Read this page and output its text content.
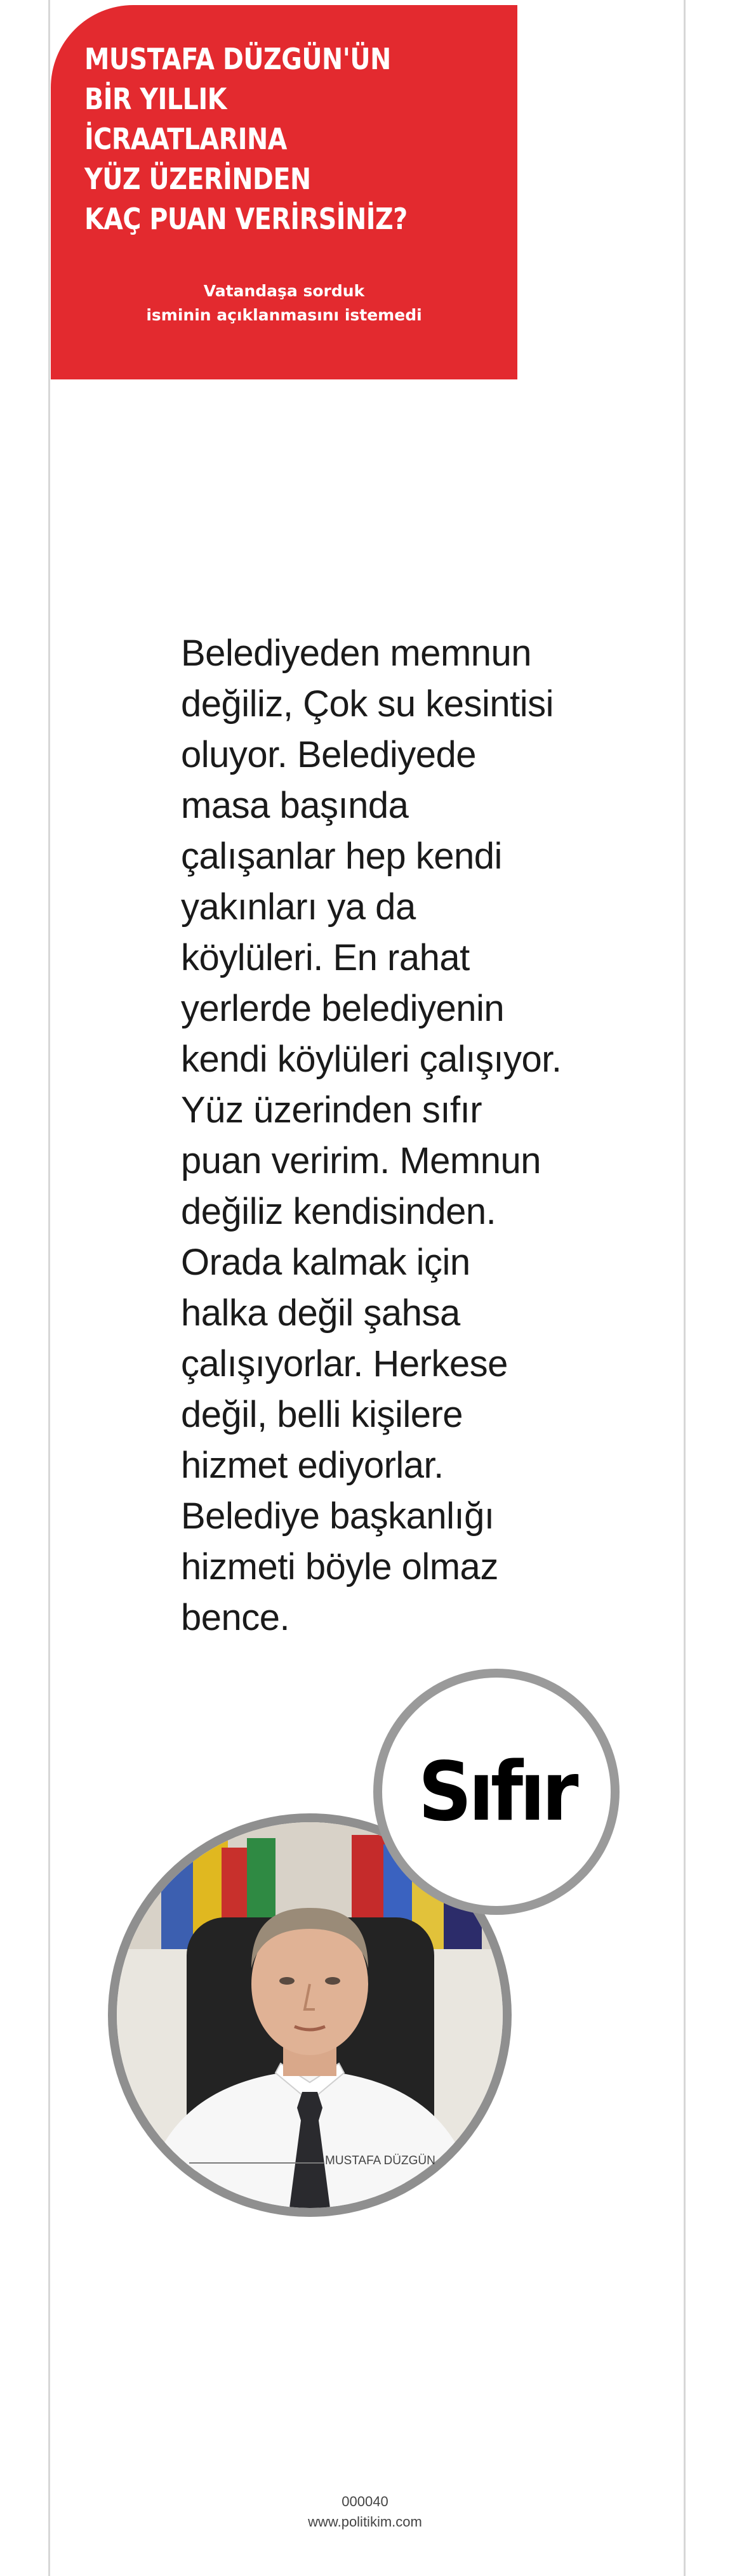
MUSTAFA DÜZGÜN'ÜN
BİR YILLIK İCRAATLARINA
YÜZ ÜZERİNDEN
KAÇ PUAN VERİRSİNİZ?
Vatandaşa sorduk
isminin açıklanmasını istemedi

Belediyeden memnun
değiliz, Çok su kesintisi
oluyor. Belediyede
masa başında
çalışanlar hep kendi
yakınları ya da
köylüleri. En rahat
yerlerde belediyenin
kendi köylüleri çalışıyor.
Yüz üzerinden sıfır
puan veririm. Memnun
değiliz kendisinden.
Orada kalmak için
halka değil şahsa
çalışıyorlar. Herkese
değil, belli kişilere
hizmet ediyorlar.
Belediye başkanlığı
hizmeti böyle olmaz
bence.

Sıfır
MUSTAFA DÜZGÜN
000040
www.politikim.com
